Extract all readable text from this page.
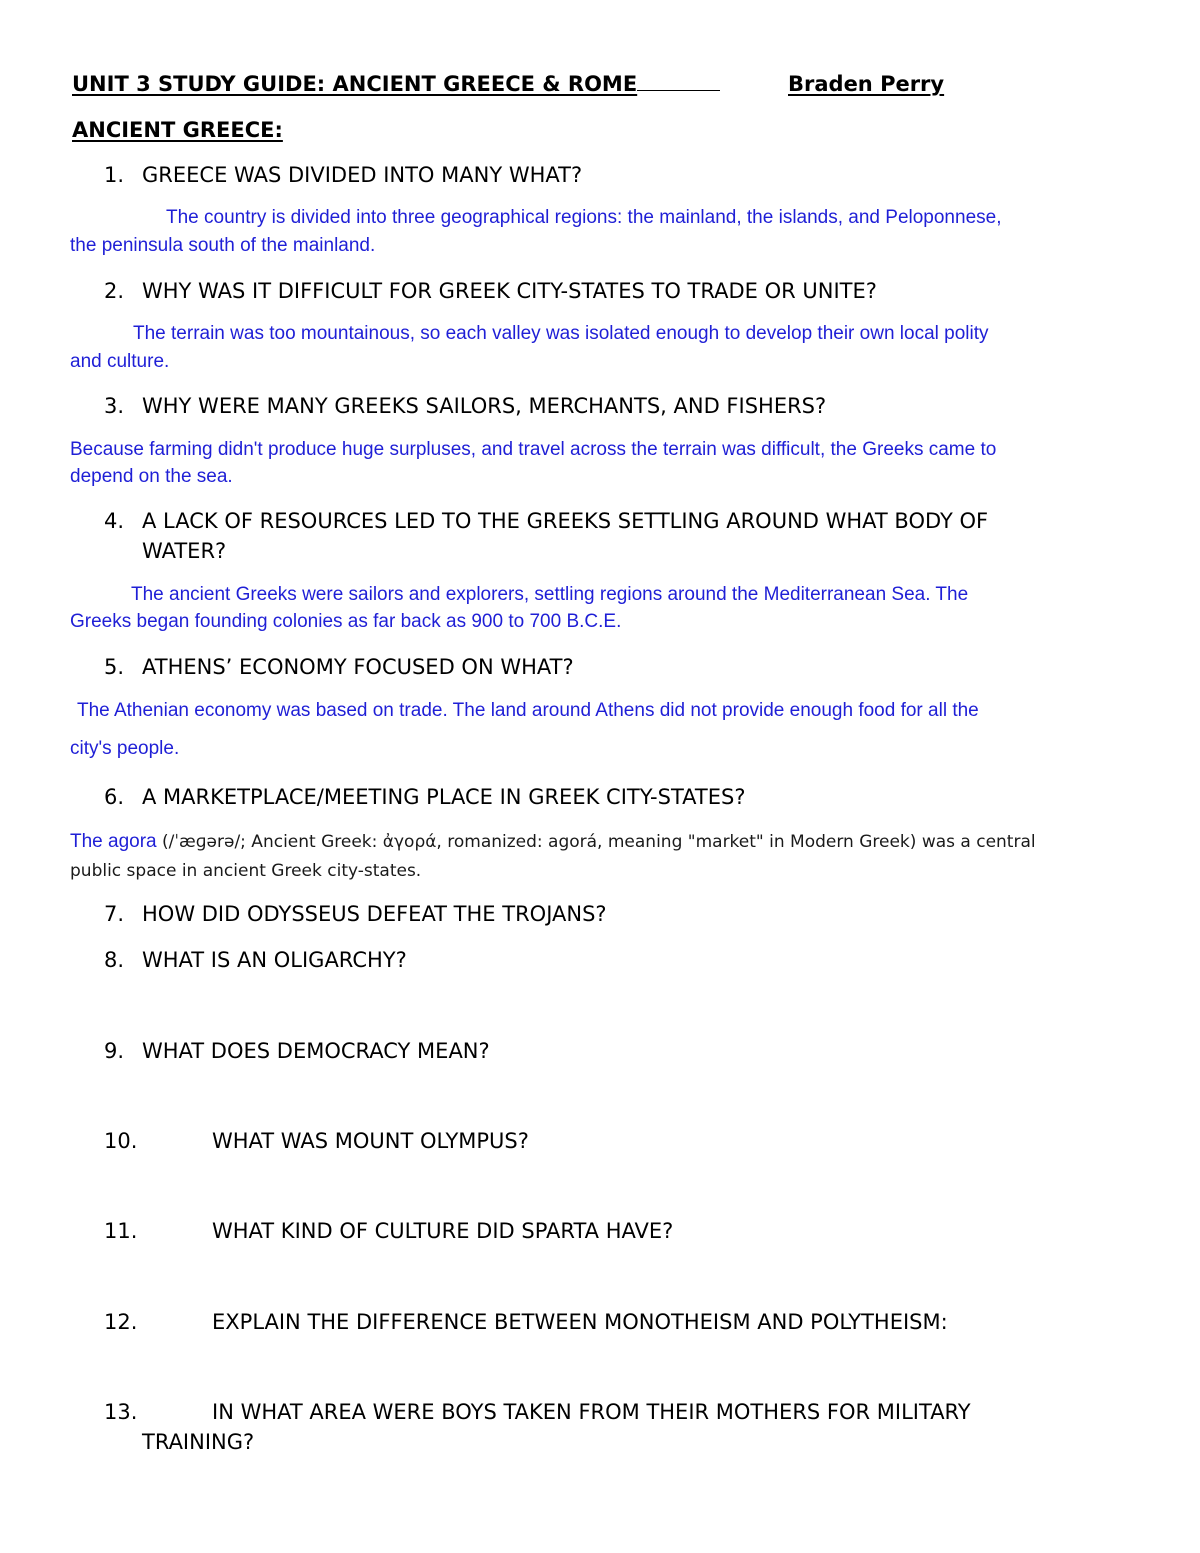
UNIT 3 STUDY GUIDE: ANCIENT GREECE & ROME	Braden Perry
ANCIENT GREECE:
1. GREECE WAS DIVIDED INTO MANY WHAT?
The country is divided into three geographical regions: the mainland, the islands, and Peloponnese,
the peninsula south of the mainland.
2. WHY WAS IT DIFFICULT FOR GREEK CITY-STATES TO TRADE OR UNITE?
The terrain was too mountainous, so each valley was isolated enough to develop their own local polity
and culture.
3. WHY WERE MANY GREEKS SAILORS, MERCHANTS, AND FISHERS?
Because farming didn't produce huge surpluses, and travel across the terrain was difficult, the Greeks came to
depend on the sea.
4. A LACK OF RESOURCES LED TO THE GREEKS SETTLING AROUND WHAT BODY OF
WATER?
The ancient Greeks were sailors and explorers, settling regions around the Mediterranean Sea. The
Greeks began founding colonies as far back as 900 to 700 B.C.E.
5. ATHENS’ ECONOMY FOCUSED ON WHAT?
The Athenian economy was based on trade. The land around Athens did not provide enough food for all the
city's people.
6. A MARKETPLACE/MEETING PLACE IN GREEK CITY-STATES?
The agora (/ˈæɡərə/; Ancient Greek: ἀγορά, romanized: agorá, meaning "market" in Modern Greek) was a central
public space in ancient Greek city-states.
7. HOW DID ODYSSEUS DEFEAT THE TROJANS?
8. WHAT IS AN OLIGARCHY?
9. WHAT DOES DEMOCRACY MEAN?
10.	WHAT WAS MOUNT OLYMPUS?
11.	WHAT KIND OF CULTURE DID SPARTA HAVE?
12.	EXPLAIN THE DIFFERENCE BETWEEN MONOTHEISM AND POLYTHEISM:
13.	IN WHAT AREA WERE BOYS TAKEN FROM THEIR MOTHERS FOR MILITARY
TRAINING?
